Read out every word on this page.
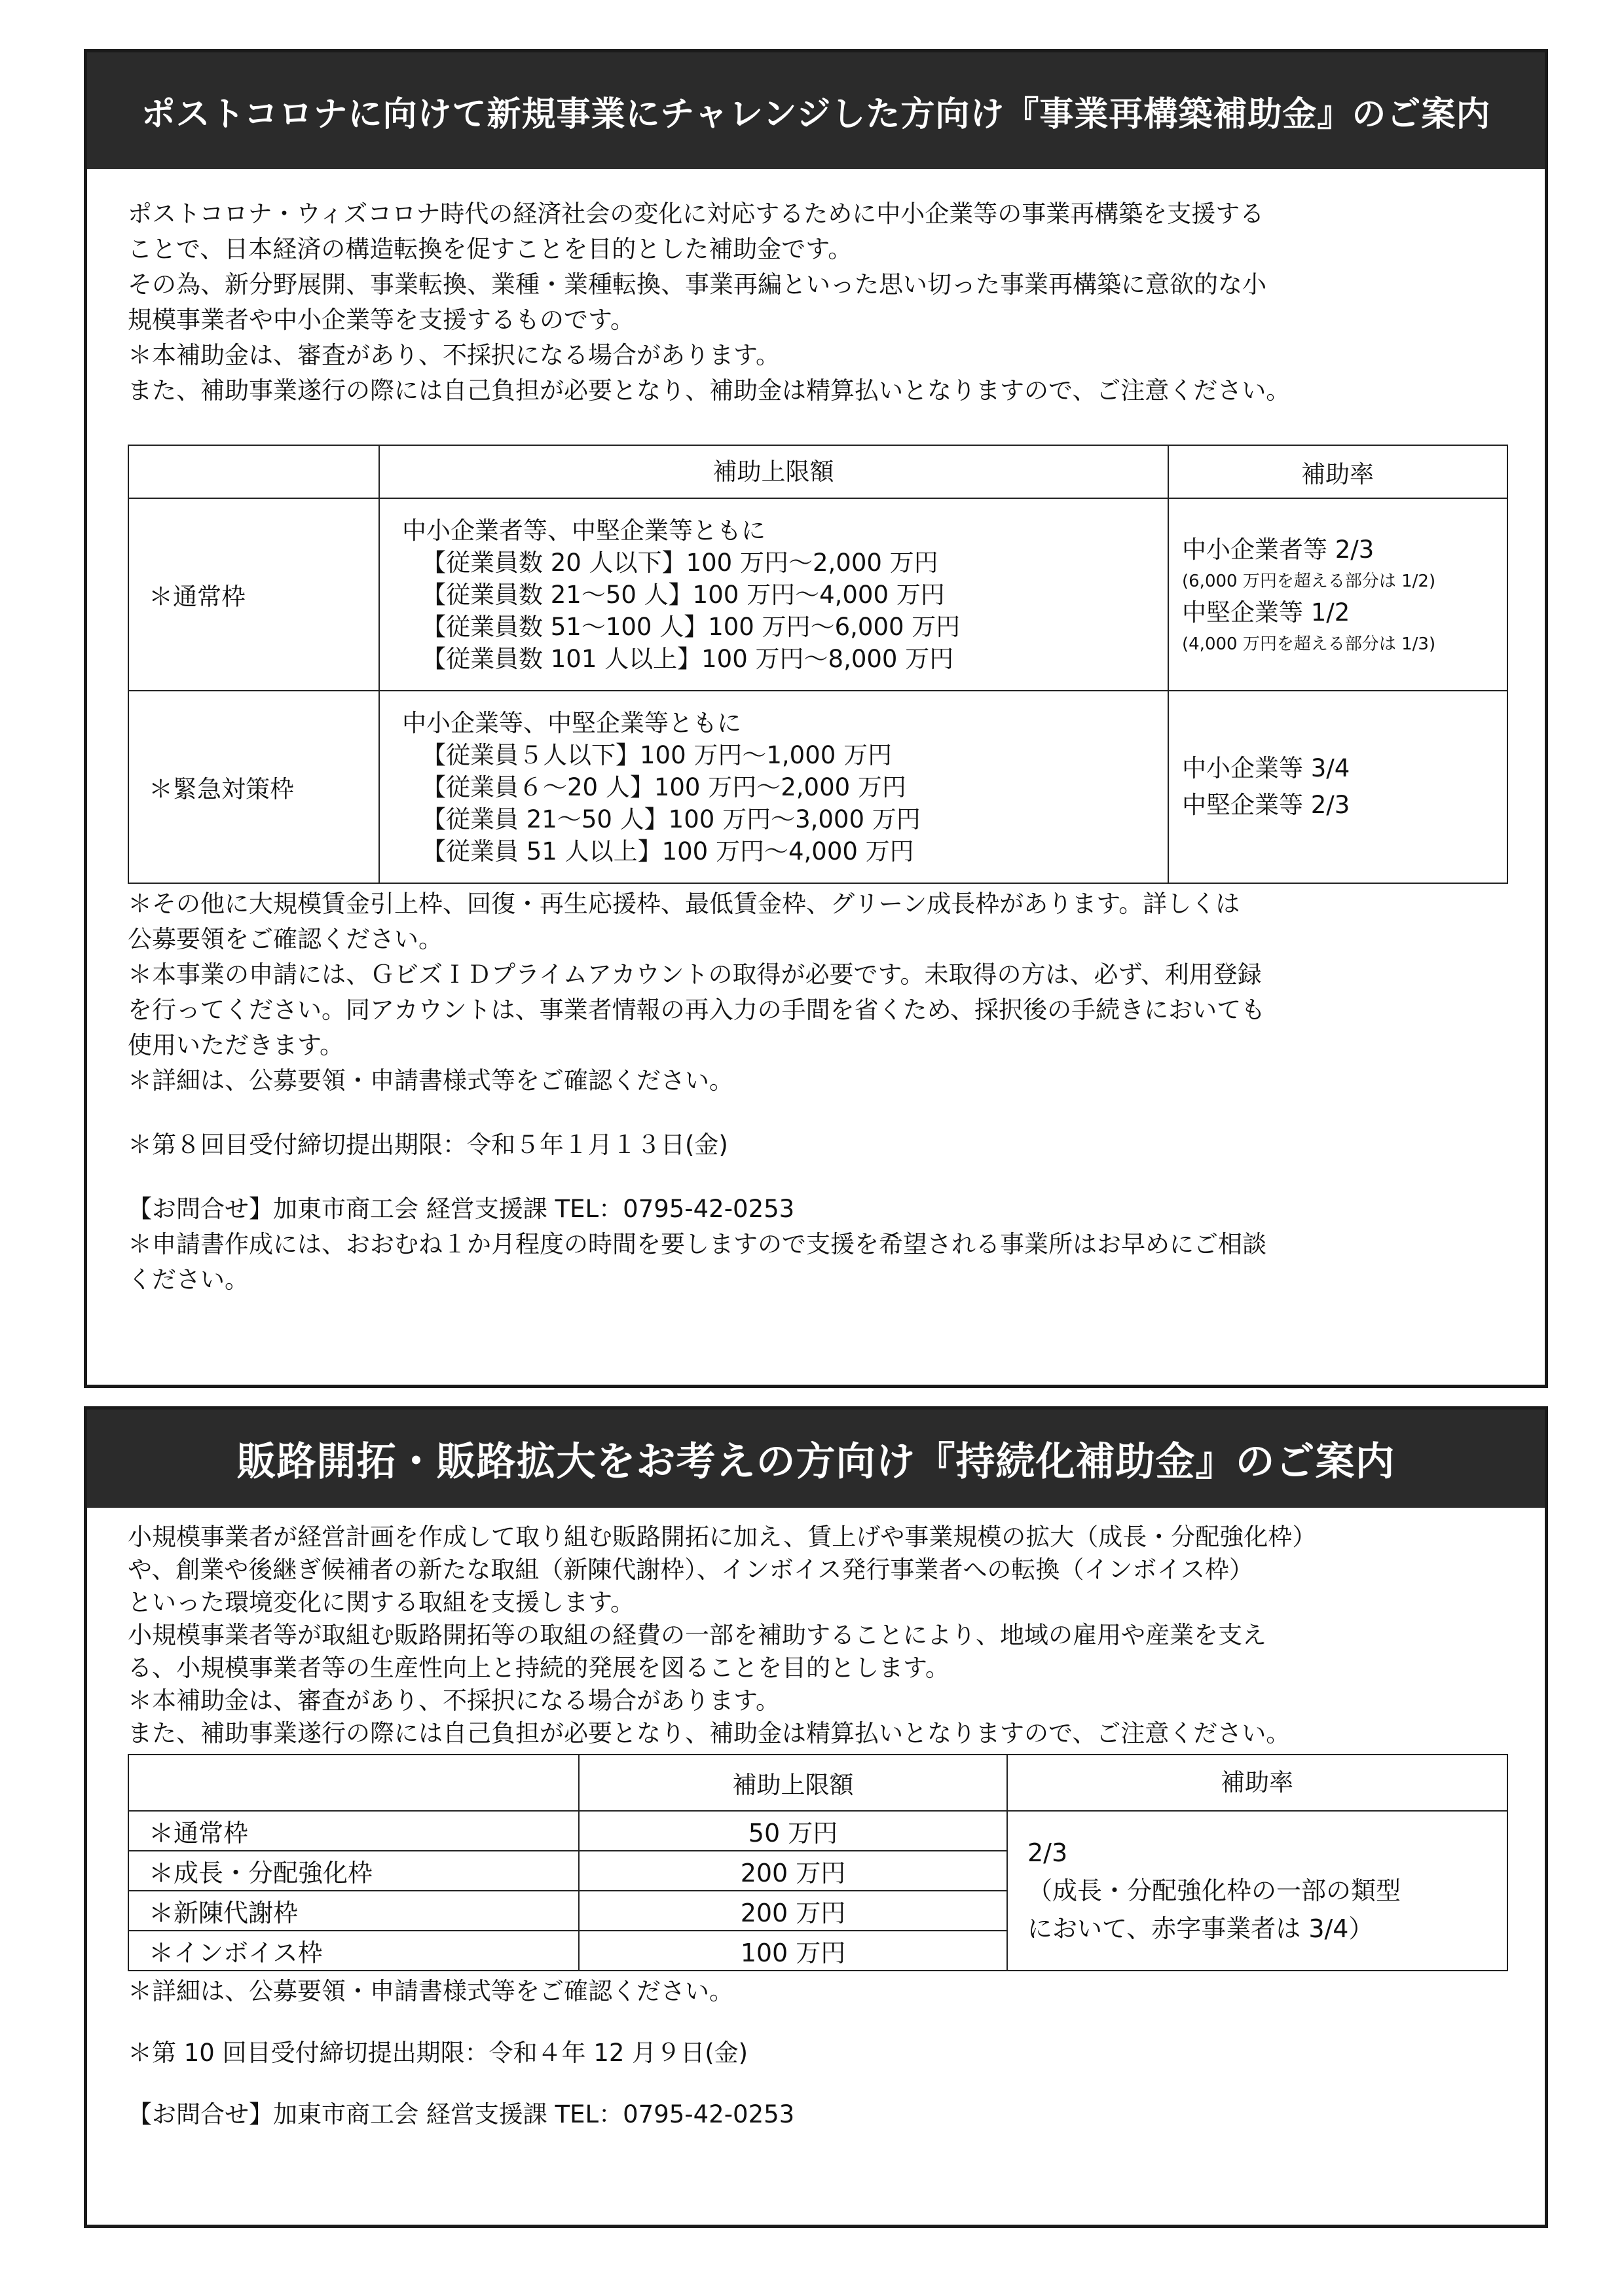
ポストコロナに向けて新規事業にチャレンジした方向け『事業再構築補助金』のご案内

ポストコロナ・ウィズコロナ時代の経済社会の変化に対応するために中小企業等の事業再構築を支援する
ことで、日本経済の構造転換を促すことを目的とした補助金です。
その為、新分野展開、事業転換、業種・業種転換、事業再編といった思い切った事業再構築に意欲的な小
規模事業者や中小企業等を支援するものです。
＊本補助金は、審査があり、不採択になる場合があります。
また、補助事業遂行の際には自己負担が必要となり、補助金は精算払いとなりますので、ご注意ください。

	補助上限額	補助率
＊通常枠	中小企業者等、中堅企業等ともに
【従業員数 20 人以下】100 万円～2,000 万円
【従業員数 21～50 人】100 万円～4,000 万円
【従業員数 51～100 人】100 万円～6,000 万円
【従業員数 101 人以上】100 万円～8,000 万円	中小企業者等 2/3
(6,000 万円を超える部分は 1/2)
中堅企業等 1/2
(4,000 万円を超える部分は 1/3)

＊緊急対策枠	中小企業等、中堅企業等ともに
【従業員５人以下】100 万円～1,000 万円
【従業員６～20 人】100 万円～2,000 万円
【従業員 21～50 人】100 万円～3,000 万円
【従業員 51 人以上】100 万円～4,000 万円	中小企業等 3/4
中堅企業等 2/3

＊その他に大規模賃金引上枠、回復・再生応援枠、最低賃金枠、グリーン成長枠があります。詳しくは
公募要領をご確認ください。
＊本事業の申請には、ＧビズＩＤプライムアカウントの取得が必要です。未取得の方は、必ず、利用登録
を行ってください。同アカウントは、事業者情報の再入力の手間を省くため、採択後の手続きにおいても
使用いただきます。
＊詳細は、公募要領・申請書様式等をご確認ください。

＊第８回目受付締切提出期限：令和５年１月１３日(金)

【お問合せ】加東市商工会 経営支援課 TEL：0795-42-0253
＊申請書作成には、おおむね１か月程度の時間を要しますので支援を希望される事業所はお早めにご相談
ください。

販路開拓・販路拡大をお考えの方向け『持続化補助金』のご案内

小規模事業者が経営計画を作成して取り組む販路開拓に加え、賃上げや事業規模の拡大（成長・分配強化枠）
や、創業や後継ぎ候補者の新たな取組（新陳代謝枠）、インボイス発行事業者への転換（インボイス枠）
といった環境変化に関する取組を支援します。
小規模事業者等が取組む販路開拓等の取組の経費の一部を補助することにより、地域の雇用や産業を支え
る、小規模事業者等の生産性向上と持続的発展を図ることを目的とします。
＊本補助金は、審査があり、不採択になる場合があります。
また、補助事業遂行の際には自己負担が必要となり、補助金は精算払いとなりますので、ご注意ください。

	補助上限額	補助率
＊通常枠	50 万円	2/3
（成長・分配強化枠の一部の類型
において、赤字事業者は 3/4）

＊成長・分配強化枠	200 万円	
＊新陳代謝枠	200 万円	
＊インボイス枠	100 万円	

＊詳細は、公募要領・申請書様式等をご確認ください。

＊第 10 回目受付締切提出期限：令和４年 12 月９日(金)

【お問合せ】加東市商工会 経営支援課 TEL：0795-42-0253
